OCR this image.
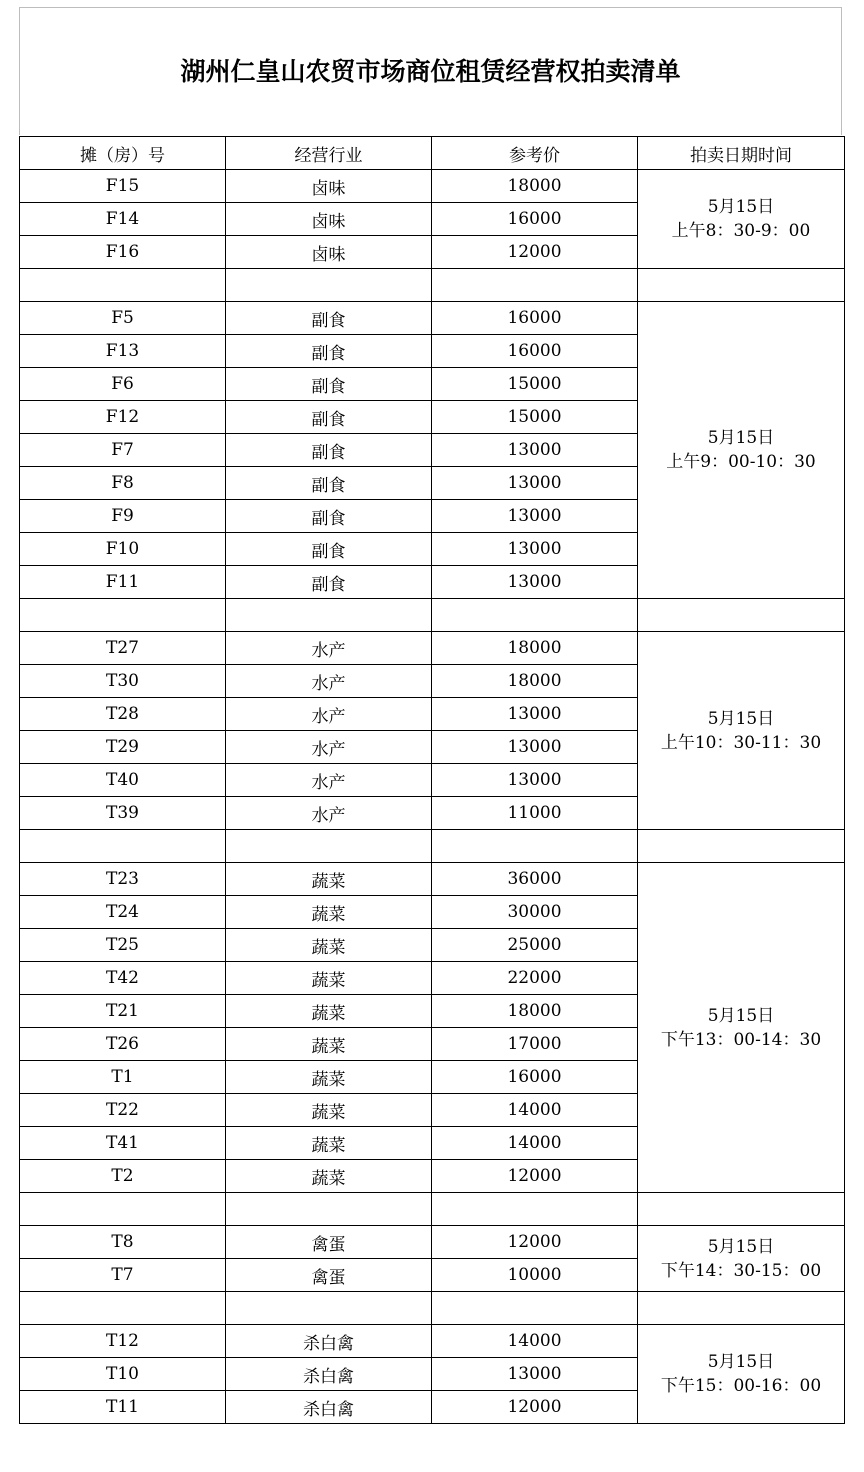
湖州仁皇山农贸市场商位租赁经营权拍卖清单
摊（房）号	经营行业	参考价	拍卖日期时间
F15	卤味	18000	5月15日
上午8：30-9：00

F14	卤味	16000	
F16	卤味	12000	

F5	副食	16000	5月15日
上午9：00-10：30

F13	副食	16000	
F6	副食	15000	
F12	副食	15000	
F7	副食	13000	
F8	副食	13000	
F9	副食	13000	
F10	副食	13000	
F11	副食	13000	

T27	水产	18000	5月15日
上午10：30-11：30

T30	水产	18000	
T28	水产	13000	
T29	水产	13000	
T40	水产	13000	
T39	水产	11000	

T23	蔬菜	36000	5月15日
下午13：00-14：30

T24	蔬菜	30000	
T25	蔬菜	25000	
T42	蔬菜	22000	
T21	蔬菜	18000	
T26	蔬菜	17000	
T1	蔬菜	16000	
T22	蔬菜	14000	
T41	蔬菜	14000	
T2	蔬菜	12000	

T8	禽蛋	12000	5月15日
下午14：30-15：00

T7	禽蛋	10000	

T12	杀白禽	14000	5月15日
下午15：00-16：00

T10	杀白禽	13000	
T11	杀白禽	12000	
